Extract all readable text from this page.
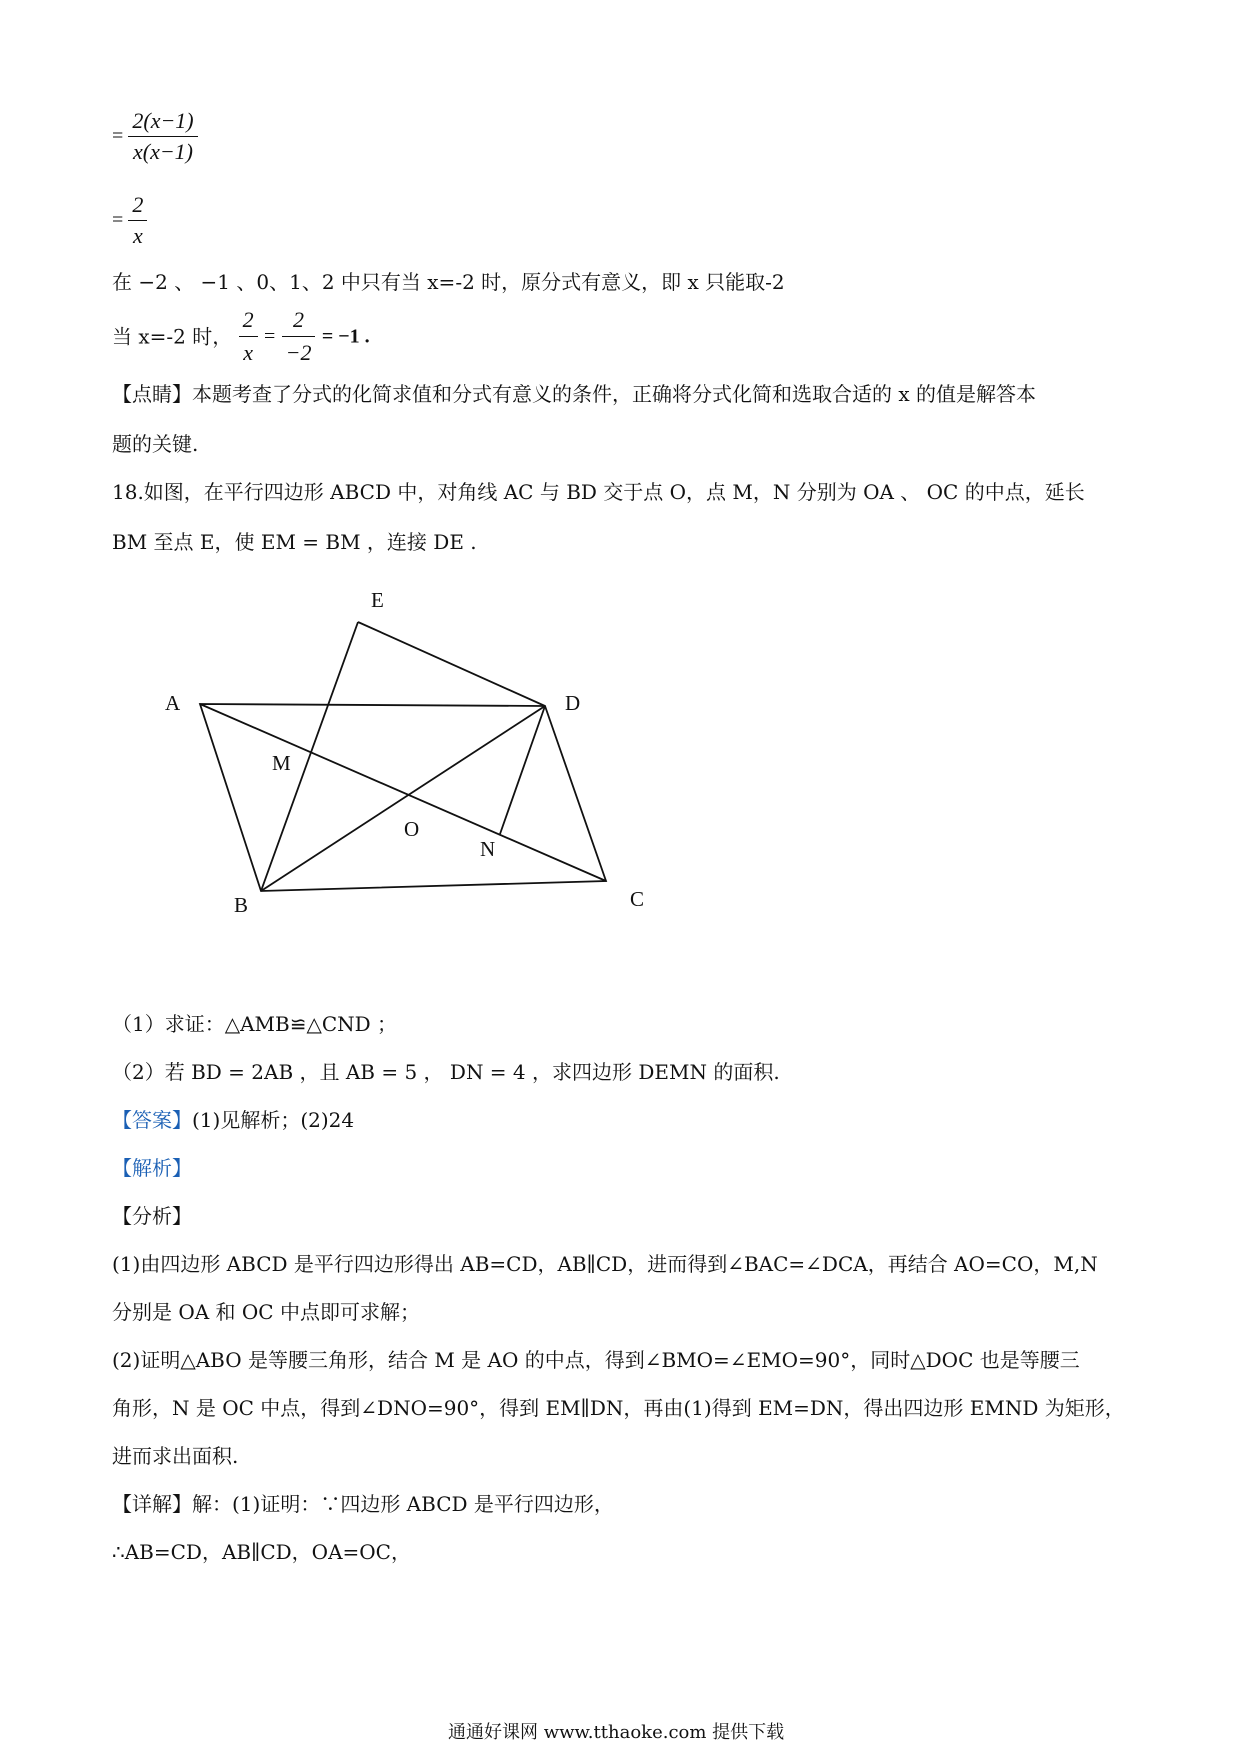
= $\frac{2(x-1)}{x(x-1)}$
= $\frac{2}{x}$
在 −2 、 −1 、0、1、2 中只有当 x=-2 时，原分式有意义，即 x 只能取-2
当 x=-2 时， $\frac{2}{x} = \frac{2}{-2} = -1$ .
【点睛】本题考查了分式的化简求值和分式有意义的条件，正确将分式化简和选取合适的 x 的值是解答本
题的关键.
18.如图，在平行四边形 ABCD 中，对角线 AC 与 BD 交于点 O，点 M，N 分别为 OA 、 OC 的中点，延长
BM 至点 E，使 EM = BM ，连接 DE .
E
A	D
M
O
N
B	C
（1）求证：△AMB≌△CND ；
（2）若 BD = 2AB ，且 AB = 5 ， DN = 4 ，求四边形 DEMN 的面积.
【答案】(1)见解析；(2)24
【解析】
【分析】
(1)由四边形 ABCD 是平行四边形得出 AB=CD，AB∥CD，进而得到∠BAC=∠DCA，再结合 AO=CO，M,N
分别是 OA 和 OC 中点即可求解；
(2)证明△ABO 是等腰三角形，结合 M 是 AO 的中点，得到∠BMO=∠EMO=90°，同时△DOC 也是等腰三
角形，N 是 OC 中点，得到∠DNO=90°，得到 EM∥DN，再由(1)得到 EM=DN，得出四边形 EMND 为矩形，
进而求出面积.
【详解】解：(1)证明：∵四边形 ABCD 是平行四边形，
∴AB=CD，AB∥CD，OA=OC，
通通好课网 www.tthaoke.com 提供下载
